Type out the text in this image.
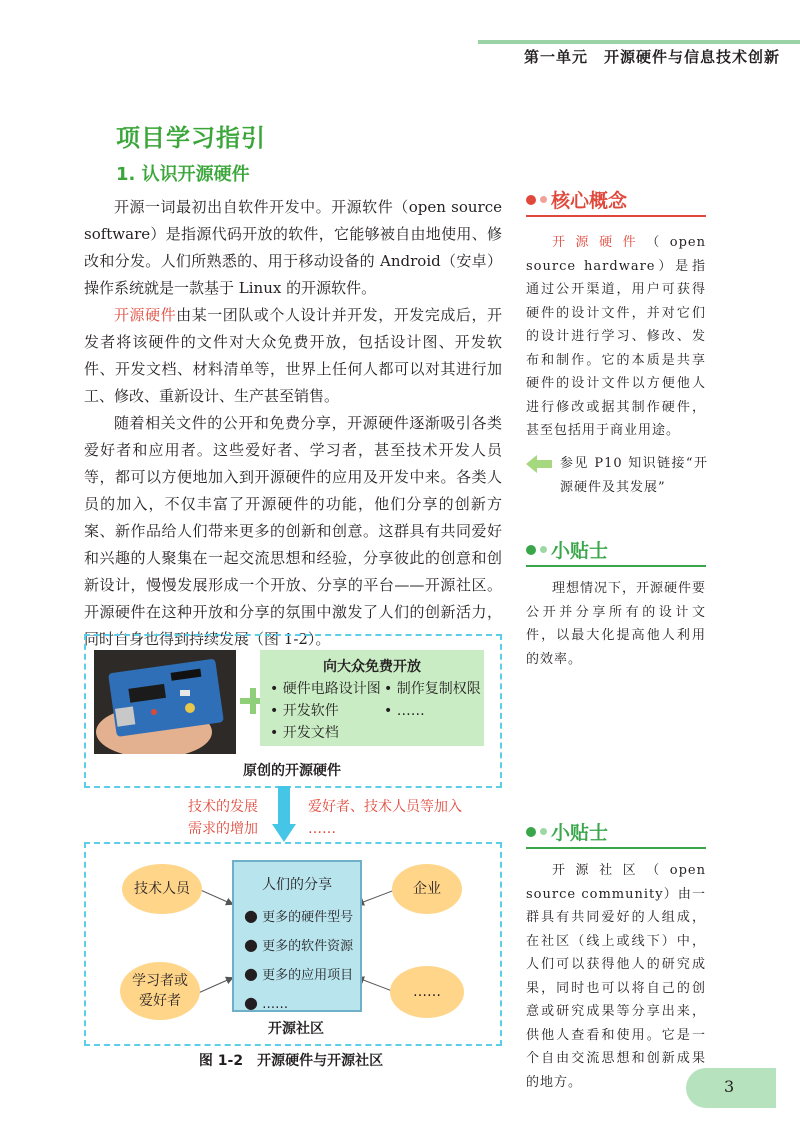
第一单元　开源硬件与信息技术创新
项目学习指引
1. 认识开源硬件

开源一词最初出自软件开发中。开源软件（open source software）是指源代码开放的软件，它能够被自由地使用、修改和分发。人们所熟悉的、用于移动设备的 Android（安卓）操作系统就是一款基于 Linux 的开源软件。

开源硬件由某一团队或个人设计并开发，开发完成后，开发者将该硬件的文件对大众免费开放，包括设计图、开发软件、开发文档、材料清单等，世界上任何人都可以对其进行加工、修改、重新设计、生产甚至销售。

随着相关文件的公开和免费分享，开源硬件逐渐吸引各类爱好者和应用者。这些爱好者、学习者，甚至技术开发人员等，都可以方便地加入到开源硬件的应用及开发中来。各类人员的加入，不仅丰富了开源硬件的功能，他们分享的创新方案、新作品给人们带来更多的创新和创意。这群具有共同爱好和兴趣的人聚集在一起交流思想和经验，分享彼此的创意和创新设计，慢慢发展形成一个开放、分享的平台——开源社区。开源硬件在这种开放和分享的氛围中激发了人们的创新活力，同时自身也得到持续发展（图 1-2）。

核心概念

开源硬件（open source hardware）是指通过公开渠道，用户可获得硬件的设计文件，并对它们的设计进行学习、修改、发布和制作。它的本质是共享硬件的设计文件以方便他人进行修改或据其制作硬件，甚至包括用于商业用途。

参见 P10 知识链接“开源硬件及其发展”
小贴士

理想情况下，开源硬件要公开并分享所有的设计文件，以最大化提高他人利用的效率。

小贴士

开源社区（open source community）由一群具有共同爱好的人组成，在社区（线上或线下）中，人们可以获得他人的研究成果，同时也可以将自己的创意或研究成果等分享出来，供他人查看和使用。它是一个自由交流思想和创新成果的地方。

向大众免费开放
• 硬件电路设计图
• 开发软件
• 开发文档
• 制作复制权限
• ……
原创的开源硬件
技术的发展
需求的增加
爱好者、技术人员等加入
……
技术人员	企业
学习者或爱好者
……
人们的分享
● 更多的硬件型号
● 更多的软件资源
● 更多的应用项目
● ……
开源社区
图 1-2　开源硬件与开源社区
3
